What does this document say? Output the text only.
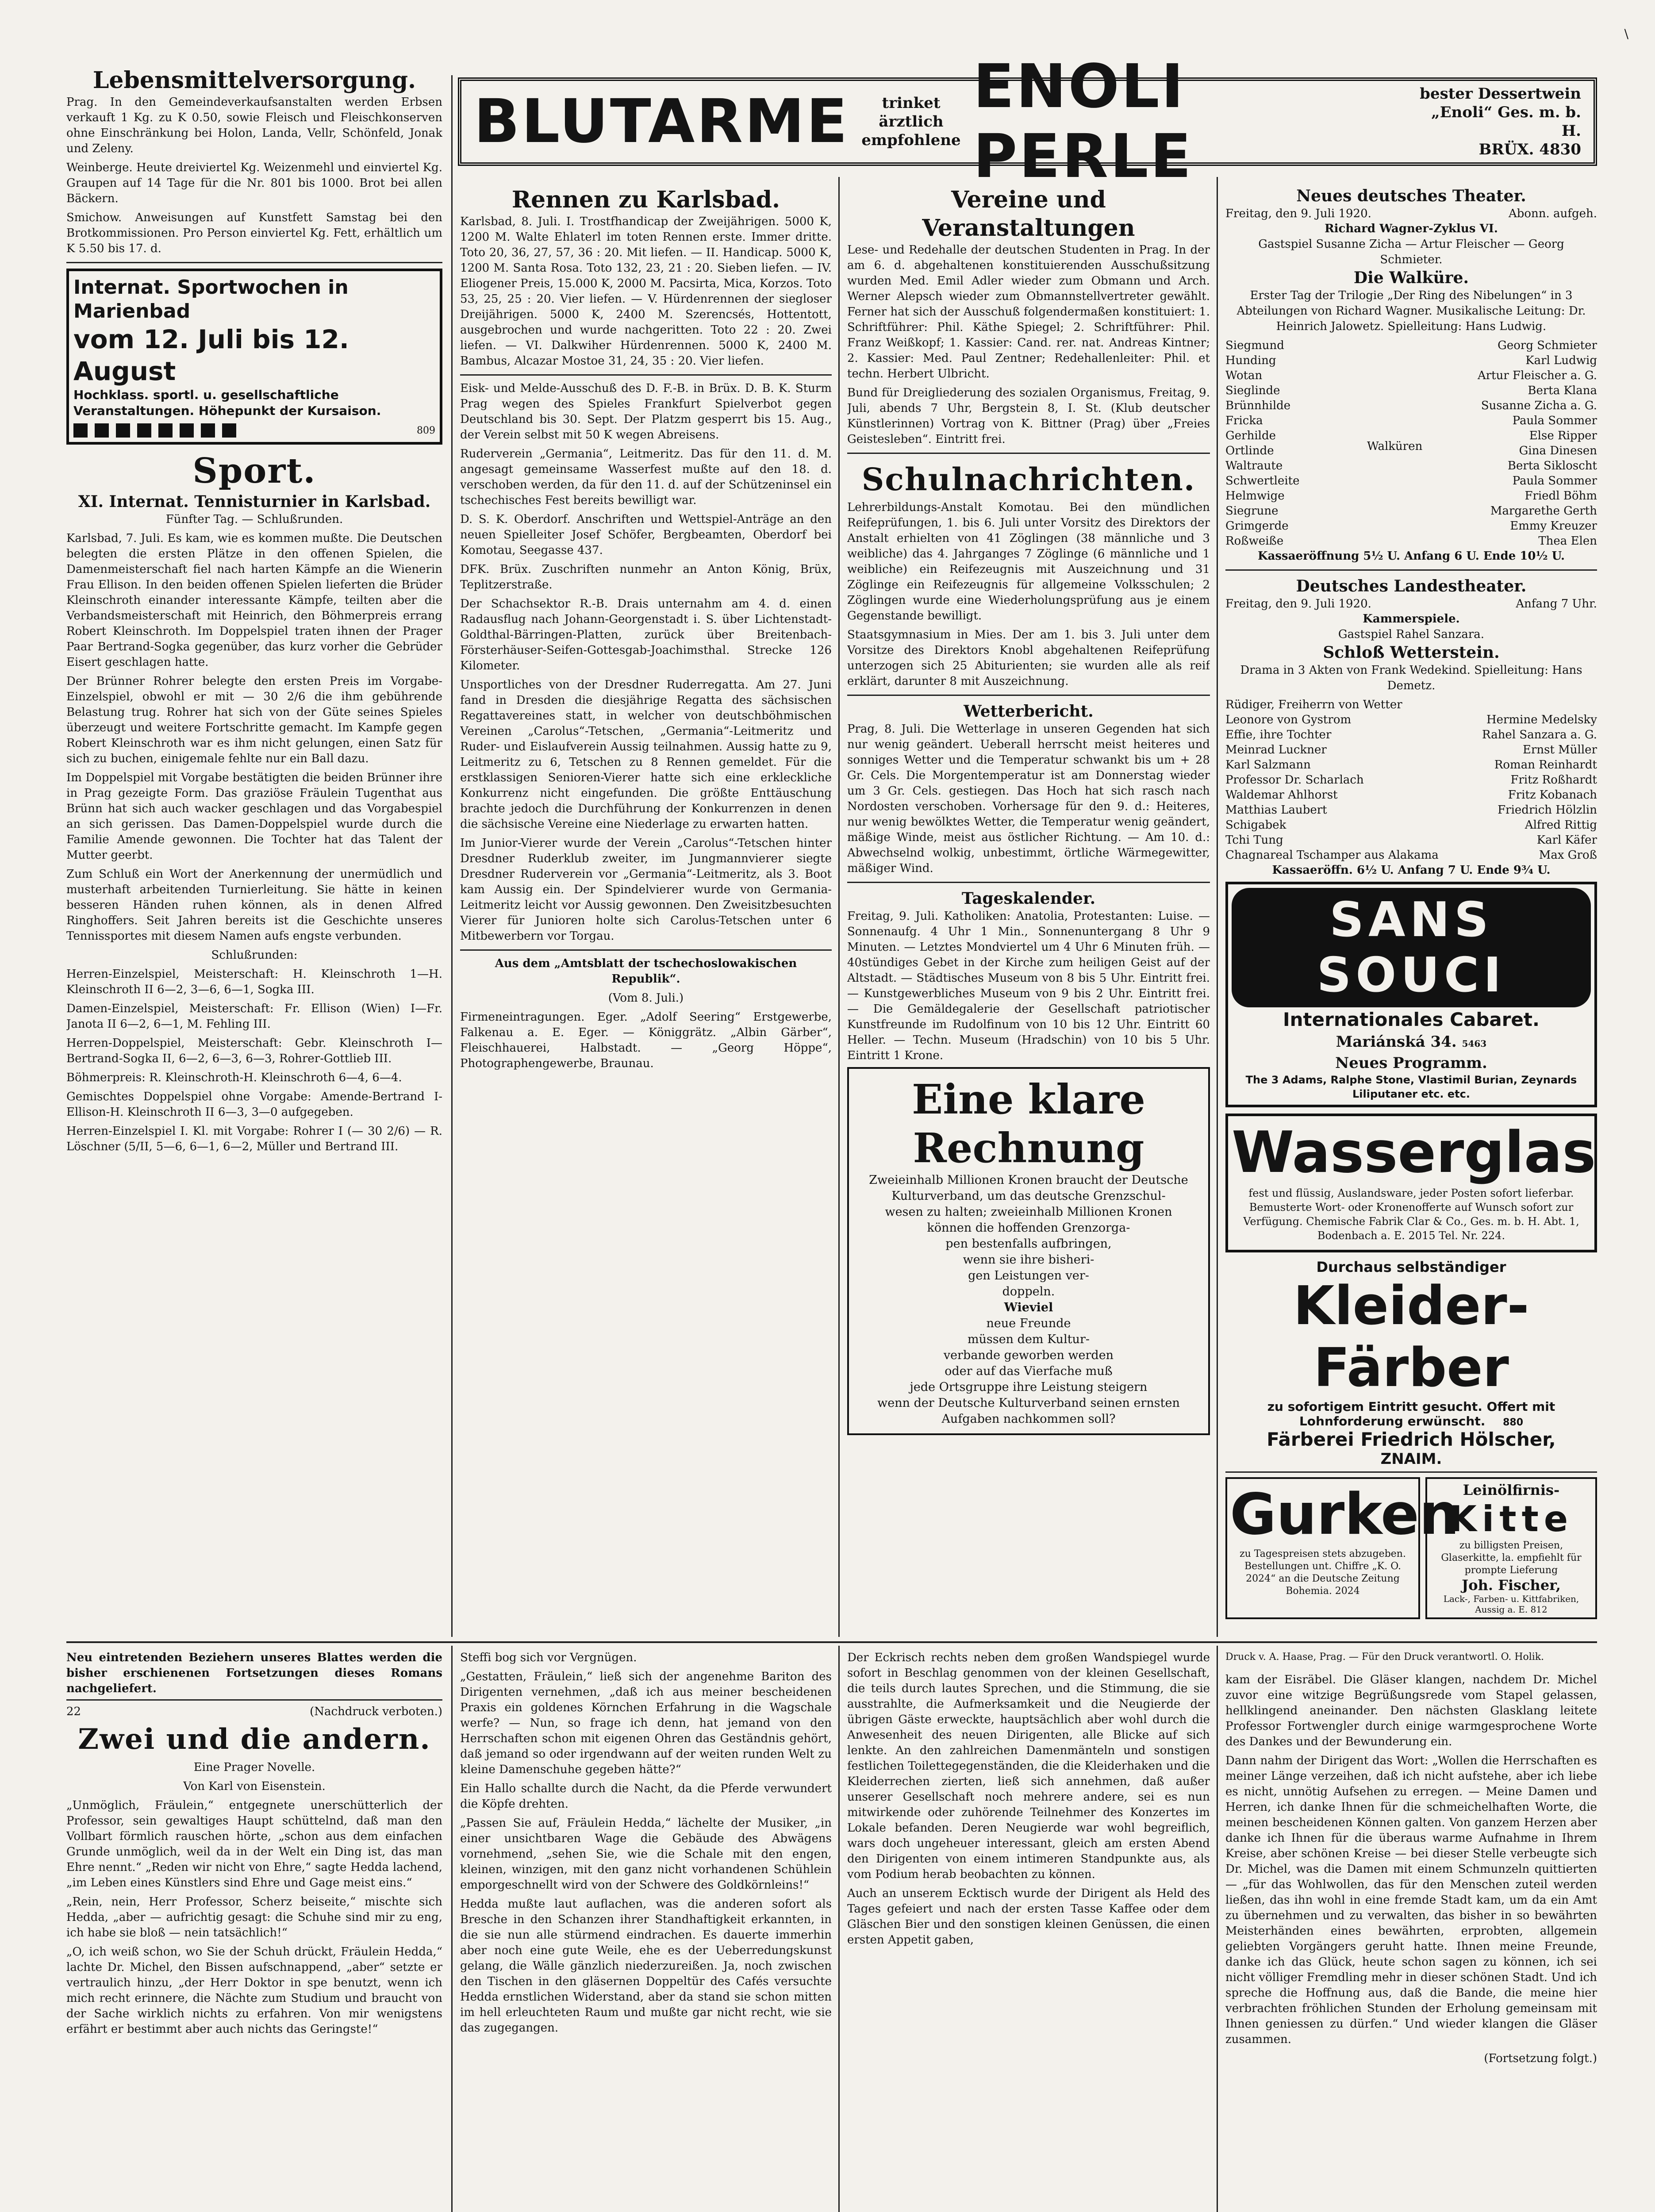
\
BLUTARME	trinket ärztlich
empfohlene
ENOLI PERLE
bester Dessertwein
„Enoli“ Ges. m. b. H.
BRÜX. 4830
Lebensmittelversorgung.

Prag. In den Gemeindeverkaufsanstalten werden Erbsen verkauft 1 Kg. zu K 0.50, sowie Fleisch und Fleischkonserven ohne Einschränkung bei Holon, Landa, Vellr, Schönfeld, Jonak und Zeleny.

Weinberge. Heute dreiviertel Kg. Weizenmehl und einviertel Kg. Graupen auf 14 Tage für die Nr. 801 bis 1000. Brot bei allen Bäckern.

Smichow. Anweisungen auf Kunstfett Samstag bei den Brotkommissionen. Pro Person einviertel Kg. Fett, erhältlich um K 5.50 bis 17. d.

Internat. Sportwochen in Marienbad
vom 12. Juli bis 12. August
Hochklass. sportl. u. gesellschaftliche Veranstaltungen. Höhepunkt der Kursaison.
809
Sport.
XI. Internat. Tennisturnier in Karlsbad.

Fünfter Tag. — Schlußrunden.

Karlsbad, 7. Juli. Es kam, wie es kommen mußte. Die Deutschen belegten die ersten Plätze in den offenen Spielen, die Damenmeisterschaft fiel nach harten Kämpfe an die Wienerin Frau Ellison. In den beiden offenen Spielen lieferten die Brüder Kleinschroth einander interessante Kämpfe, teilten aber die Verbandsmeisterschaft mit Heinrich, den Böhmerpreis errang Robert Kleinschroth. Im Doppelspiel traten ihnen der Prager Paar Bertrand-Sogka gegenüber, das kurz vorher die Gebrüder Eisert geschlagen hatte.

Der Brünner Rohrer belegte den ersten Preis im Vorgabe-Einzelspiel, obwohl er mit — 30 2/6 die ihm gebührende Belastung trug. Rohrer hat sich von der Güte seines Spieles überzeugt und weitere Fortschritte gemacht. Im Kampfe gegen Robert Kleinschroth war es ihm nicht gelungen, einen Satz für sich zu buchen, einigemale fehlte nur ein Ball dazu.

Im Doppelspiel mit Vorgabe bestätigten die beiden Brünner ihre in Prag gezeigte Form. Das graziöse Fräulein Tugenthat aus Brünn hat sich auch wacker geschlagen und das Vorgabespiel an sich gerissen. Das Damen-Doppelspiel wurde durch die Familie Amende gewonnen. Die Tochter hat das Talent der Mutter geerbt.

Zum Schluß ein Wort der Anerkennung der unermüdlich und musterhaft arbeitenden Turnierleitung. Sie hätte in keinen besseren Händen ruhen können, als in denen Alfred Ringhoffers. Seit Jahren bereits ist die Geschichte unseres Tennissportes mit diesem Namen aufs engste verbunden.

Schlußrunden:

Herren-Einzelspiel, Meisterschaft: H. Kleinschroth 1—H. Kleinschroth II 6—2, 3—6, 6—1, Sogka III.

Damen-Einzelspiel, Meisterschaft: Fr. Ellison (Wien) I—Fr. Janota II 6—2, 6—1, M. Fehling III.

Herren-Doppelspiel, Meisterschaft: Gebr. Kleinschroth I—Bertrand-Sogka II, 6—2, 6—3, 6—3, Rohrer-Gottlieb III.

Böhmerpreis: R. Kleinschroth-H. Kleinschroth 6—4, 6—4.

Gemischtes Doppelspiel ohne Vorgabe: Amende-Bertrand I-Ellison-H. Kleinschroth II 6—3, 3—0 aufgegeben.

Herren-Einzelspiel I. Kl. mit Vorgabe: Rohrer I (— 30 2/6) — R. Löschner (5/II, 5—6, 6—1, 6—2, Müller und Bertrand III.

Rennen zu Karlsbad.

Karlsbad, 8. Juli. I. Trostfhandicap der Zweijährigen. 5000 K, 1200 M. Walte Ehlaterl im toten Rennen erste. Immer dritte. Toto 20, 36, 27, 57, 36 : 20. Mit liefen. — II. Handicap. 5000 K, 1200 M. Santa Rosa. Toto 132, 23, 21 : 20. Sieben liefen. — IV. Eliogener Preis, 15.000 K, 2000 M. Pacsirta, Mica, Korzos. Toto 53, 25, 25 : 20. Vier liefen. — V. Hürdenrennen der siegloser Dreijährigen. 5000 K, 2400 M. Szerencsés, Hottentott, ausgebrochen und wurde nachgeritten. Toto 22 : 20. Zwei liefen. — VI. Dalkwiher Hürdenrennen. 5000 K, 2400 M. Bambus, Alcazar Mostoe 31, 24, 35 : 20. Vier liefen.

Eisk- und Melde-Ausschuß des D. F.-B. in Brüx. D. B. K. Sturm Prag wegen des Spieles Frankfurt Spielverbot gegen Deutschland bis 30. Sept. Der Platzm gesperrt bis 15. Aug., der Verein selbst mit 50 K wegen Abreisens.

Ruderverein „Germania“, Leitmeritz. Das für den 11. d. M. angesagt gemeinsame Wasserfest mußte auf den 18. d. verschoben werden, da für den 11. d. auf der Schützeninsel ein tschechisches Fest bereits bewilligt war.

D. S. K. Oberdorf. Anschriften und Wettspiel-Anträge an den neuen Spielleiter Josef Schöfer, Bergbeamten, Oberdorf bei Komotau, Seegasse 437.

DFK. Brüx. Zuschriften nunmehr an Anton König, Brüx, Teplitzerstraße.

Der Schachsektor R.-B. Drais unternahm am 4. d. einen Radausflug nach Johann-Georgenstadt i. S. über Lichtenstadt-Goldthal-Bärringen-Platten, zurück über Breitenbach-Försterhäuser-Seifen-Gottesgab-Joachimsthal. Strecke 126 Kilometer.

Unsportliches von der Dresdner Ruderregatta. Am 27. Juni fand in Dresden die diesjährige Regatta des sächsischen Regattavereines statt, in welcher von deutschböhmischen Vereinen „Carolus“-Tetschen, „Germania“-Leitmeritz und Ruder- und Eislaufverein Aussig teilnahmen. Aussig hatte zu 9, Leitmeritz zu 6, Tetschen zu 8 Rennen gemeldet. Für die erstklassigen Senioren-Vierer hatte sich eine erkleckliche Konkurrenz nicht eingefunden. Die größte Enttäuschung brachte jedoch die Durchführung der Konkurrenzen in denen die sächsische Vereine eine Niederlage zu erwarten hatten.

Im Junior-Vierer wurde der Verein „Carolus“-Tetschen hinter Dresdner Ruderklub zweiter, im Jungmannvierer siegte Dresdner Ruderverein vor „Germania“-Leitmeritz, als 3. Boot kam Aussig ein. Der Spindelvierer wurde von Germania-Leitmeritz leicht vor Aussig gewonnen. Den Zweisitzbesuchten Vierer für Junioren holte sich Carolus-Tetschen unter 6 Mitbewerbern vor Torgau.

Aus dem „Amtsblatt der tschechoslowakischen Republik“.

(Vom 8. Juli.)

Firmeneintragungen. Eger. „Adolf Seering“ Erstgewerbe, Falkenau a. E. Eger. — Königgrätz. „Albin Gärber“, Fleischhauerei, Halbstadt. — „Georg Höppe“, Photographengewerbe, Braunau.

Vereine und Veranstaltungen

Lese- und Redehalle der deutschen Studenten in Prag. In der am 6. d. abgehaltenen konstituierenden Ausschußsitzung wurden Med. Emil Adler wieder zum Obmann und Arch. Werner Alepsch wieder zum Obmannstellvertreter gewählt. Ferner hat sich der Ausschuß folgendermaßen konstituiert: 1. Schriftführer: Phil. Käthe Spiegel; 2. Schriftführer: Phil. Franz Weißkopf; 1. Kassier: Cand. rer. nat. Andreas Kintner; 2. Kassier: Med. Paul Zentner; Redehallenleiter: Phil. et techn. Herbert Ulbricht.

Bund für Dreigliederung des sozialen Organismus, Freitag, 9. Juli, abends 7 Uhr, Bergstein 8, I. St. (Klub deutscher Künstlerinnen) Vortrag von K. Bittner (Prag) über „Freies Geistesleben“. Eintritt frei.

Schulnachrichten.

Lehrerbildungs-Anstalt Komotau. Bei den mündlichen Reifeprüfungen, 1. bis 6. Juli unter Vorsitz des Direktors der Anstalt erhielten von 41 Zöglingen (38 männliche und 3 weibliche) das 4. Jahrganges 7 Zöglinge (6 männliche und 1 weibliche) ein Reifezeugnis mit Auszeichnung und 31 Zöglinge ein Reifezeugnis für allgemeine Volksschulen; 2 Zöglingen wurde eine Wiederholungsprüfung aus je einem Gegenstande bewilligt.

Staatsgymnasium in Mies. Der am 1. bis 3. Juli unter dem Vorsitze des Direktors Knobl abgehaltenen Reifeprüfung unterzogen sich 25 Abiturienten; sie wurden alle als reif erklärt, darunter 8 mit Auszeichnung.

Wetterbericht.

Prag, 8. Juli. Die Wetterlage in unseren Gegenden hat sich nur wenig geändert. Ueberall herrscht meist heiteres und sonniges Wetter und die Temperatur schwankt bis um + 28 Gr. Cels. Die Morgentemperatur ist am Donnerstag wieder um 3 Gr. Cels. gestiegen. Das Hoch hat sich rasch nach Nordosten verschoben. Vorhersage für den 9. d.: Heiteres, nur wenig bewölktes Wetter, die Temperatur wenig geändert, mäßige Winde, meist aus östlicher Richtung. — Am 10. d.: Abwechselnd wolkig, unbestimmt, örtliche Wärmegewitter, mäßiger Wind.

Tageskalender.

Freitag, 9. Juli. Katholiken: Anatolia, Protestanten: Luise. — Sonnenaufg. 4 Uhr 1 Min., Sonnenuntergang 8 Uhr 9 Minuten. — Letztes Mondviertel um 4 Uhr 6 Minuten früh. — 40stündiges Gebet in der Kirche zum heiligen Geist auf der Altstadt. — Städtisches Museum von 8 bis 5 Uhr. Eintritt frei. — Kunstgewerbliches Museum von 9 bis 2 Uhr. Eintritt frei. — Die Gemäldegalerie der Gesellschaft patriotischer Kunstfreunde im Rudolfinum von 10 bis 12 Uhr. Eintritt 60 Heller. — Techn. Museum (Hradschin) von 10 bis 5 Uhr. Eintritt 1 Krone.

Eine klare Rechnung
Zweieinhalb Millionen Kronen braucht der Deutsche
Kulturverband, um das deutsche Grenzschul-
wesen zu halten; zweieinhalb Millionen Kronen
können die hoffenden Grenzorga-
pen bestenfalls aufbringen,
wenn sie ihre bisheri-
gen Leistungen ver-
doppeln.
Wieviel
neue Freunde
müssen dem Kultur-
verbande geworben werden
oder auf das Vierfache muß
jede Ortsgruppe ihre Leistung steigern
wenn der Deutsche Kulturverband seinen ernsten
Aufgaben nachkommen soll?
Neues deutsches Theater.
Freitag, den 9. Juli 1920.	Abonn. aufgeh.

Richard Wagner-Zyklus VI.

Gastspiel Susanne Zicha — Artur Fleischer — Georg Schmieter.

Die Walküre.

Erster Tag der Trilogie „Der Ring des Nibelungen“ in 3 Abteilungen von Richard Wagner. Musikalische Leitung: Dr. Heinrich Jalowetz. Spielleitung: Hans Ludwig.

Siegmund	Georg Schmieter
Hunding	Karl Ludwig
Wotan	Artur Fleischer a. G.
Sieglinde	Berta Klana
Brünnhilde	Susanne Zicha a. G.
Fricka	Paula Sommer
Gerhilde	Else Ripper
Ortlinde	Gina Dinesen
Waltraute	Berta Sikloscht
Schwertleite	Paula Sommer
Helmwige	Friedl Böhm
Siegrune	Margarethe Gerth
Grimgerde	Emmy Kreuzer
Roßweiße	Thea Elen
Walküren

Kassaeröffnung 5½ U. Anfang 6 U. Ende 10½ U.

Deutsches Landestheater.
Freitag, den 9. Juli 1920.	Anfang 7 Uhr.

Kammerspiele.

Gastspiel Rahel Sanzara.

Schloß Wetterstein.

Drama in 3 Akten von Frank Wedekind. Spielleitung: Hans Demetz.

Rüdiger, Freiherrn von Wetter
Leonore von Gystrom	Hermine Medelsky
Effie, ihre Tochter	Rahel Sanzara a. G.
Meinrad Luckner	Ernst Müller
Karl Salzmann	Roman Reinhardt
Professor Dr. Scharlach	Fritz Roßhardt
Waldemar Ahlhorst	Fritz Kobanach
Matthias Laubert	Friedrich Hölzlin
Schigabek	Alfred Rittig
Tchi Tung	Karl Käfer
Chagnareal Tschamper aus Alakama	Max Groß

Kassaeröffn. 6½ U. Anfang 7 U. Ende 9¾ U.

SANS SOUCI
Internationales Cabaret.
Mariánská 34. 5463
Neues Programm.
The 3 Adams, Ralphe Stone, Vlastimil Burian, Zeynards Liliputaner etc. etc.
Wasserglas
fest und flüssig, Auslandsware, jeder Posten sofort lieferbar. Bemusterte Wort- oder Kronenofferte auf Wunsch sofort zur Verfügung. Chemische Fabrik Clar & Co., Ges. m. b. H. Abt. 1, Bodenbach a. E. 2015 Tel. Nr. 224.
Durchaus selbständiger
Kleider-Färber
zu sofortigem Eintritt gesucht. Offert mit
Lohnforderung erwünscht. 880
Färberei Friedrich Hölscher,
ZNAIM.
Gurken
zu Tagespreisen stets abzugeben. Bestellungen unt. Chiffre „K. O. 2024“ an die Deutsche Zeitung Bohemia. 2024
Leinölfirnis-
Kitte
zu billigsten Preisen, Glaserkitte, la. empfiehlt für prompte Lieferung
Joh. Fischer,
Lack-, Farben- u. Kittfabriken, Aussig a. E. 812
Druck v. A. Haase, Prag. — Für den Druck verantwortl. O. Holik.

Neu eintretenden Beziehern unseres Blattes werden die bisher erschienenen Fortsetzungen dieses Romans nachgeliefert.

22	(Nachdruck verboten.)
Zwei und die andern.

Eine Prager Novelle.

Von Karl von Eisenstein.

„Unmöglich, Fräulein,“ entgegnete unerschütterlich der Professor, sein gewaltiges Haupt schüttelnd, daß man den Vollbart förmlich rauschen hörte, „schon aus dem einfachen Grunde unmöglich, weil da in der Welt ein Ding ist, das man Ehre nennt.“ „Reden wir nicht von Ehre,“ sagte Hedda lachend, „im Leben eines Künstlers sind Ehre und Gage meist eins.“

„Rein, nein, Herr Professor, Scherz beiseite,“ mischte sich Hedda, „aber — aufrichtig gesagt: die Schuhe sind mir zu eng, ich habe sie bloß — nein tatsächlich!“

„O, ich weiß schon, wo Sie der Schuh drückt, Fräulein Hedda,“ lachte Dr. Michel, den Bissen aufschnappend, „aber“ setzte er vertraulich hinzu, „der Herr Doktor in spe benutzt, wenn ich mich recht erinnere, die Nächte zum Studium und braucht von der Sache wirklich nichts zu erfahren. Von mir wenigstens erfährt er bestimmt aber auch nichts das Geringste!“

Steffi bog sich vor Vergnügen.

„Gestatten, Fräulein,“ ließ sich der angenehme Bariton des Dirigenten vernehmen, „daß ich aus meiner bescheidenen Praxis ein goldenes Körnchen Erfahrung in die Wagschale werfe? — Nun, so frage ich denn, hat jemand von den Herrschaften schon mit eigenen Ohren das Geständnis gehört, daß jemand so oder irgendwann auf der weiten runden Welt zu kleine Damenschuhe gegeben hätte?“

Ein Hallo schallte durch die Nacht, da die Pferde verwundert die Köpfe drehten.

„Passen Sie auf, Fräulein Hedda,“ lächelte der Musiker, „in einer unsichtbaren Wage die Gebäude des Abwägens vornehmend, „sehen Sie, wie die Schale mit den engen, kleinen, winzigen, mit den ganz nicht vorhandenen Schühlein emporgeschnellt wird von der Schwere des Goldkörnleins!“

Hedda mußte laut auflachen, was die anderen sofort als Bresche in den Schanzen ihrer Standhaftigkeit erkannten, in die sie nun alle stürmend eindrachen. Es dauerte immerhin aber noch eine gute Weile, ehe es der Ueberredungskunst gelang, die Wälle gänzlich niederzureißen. Ja, noch zwischen den Tischen in den gläsernen Doppeltür des Cafés versuchte Hedda ernstlichen Widerstand, aber da stand sie schon mitten im hell erleuchteten Raum und mußte gar nicht recht, wie sie das zugegangen.

Der Eckrisch rechts neben dem großen Wandspiegel wurde sofort in Beschlag genommen von der kleinen Gesellschaft, die teils durch lautes Sprechen, und die Stimmung, die sie ausstrahlte, die Aufmerksamkeit und die Neugierde der übrigen Gäste erweckte, hauptsächlich aber wohl durch die Anwesenheit des neuen Dirigenten, alle Blicke auf sich lenkte. An den zahlreichen Damenmänteln und sonstigen festlichen Toilettegegenständen, die die Kleiderhaken und die Kleiderrechen zierten, ließ sich annehmen, daß außer unserer Gesellschaft noch mehrere andere, sei es nun mitwirkende oder zuhörende Teilnehmer des Konzertes im Lokale befanden. Deren Neugierde war wohl begreiflich, wars doch ungeheuer interessant, gleich am ersten Abend den Dirigenten von einem intimeren Standpunkte aus, als vom Podium herab beobachten zu können.

Auch an unserem Ecktisch wurde der Dirigent als Held des Tages gefeiert und nach der ersten Tasse Kaffee oder dem Gläschen Bier und den sonstigen kleinen Genüssen, die einen ersten Appetit gaben,

kam der Eisräbel. Die Gläser klangen, nachdem Dr. Michel zuvor eine witzige Begrüßungsrede vom Stapel gelassen, hellklingend aneinander. Den nächsten Glasklang leitete Professor Fortwengler durch einige warmgesprochene Worte des Dankes und der Bewunderung ein.

Dann nahm der Dirigent das Wort: „Wollen die Herrschaften es meiner Länge verzeihen, daß ich nicht aufstehe, aber ich liebe es nicht, unnötig Aufsehen zu erregen. — Meine Damen und Herren, ich danke Ihnen für die schmeichelhaften Worte, die meinen bescheidenen Können galten. Von ganzem Herzen aber danke ich Ihnen für die überaus warme Aufnahme in Ihrem Kreise, aber schönen Kreise — bei dieser Stelle verbeugte sich Dr. Michel, was die Damen mit einem Schmunzeln quittierten — „für das Wohlwollen, das für den Menschen zuteil werden ließen, das ihn wohl in eine fremde Stadt kam, um da ein Amt zu übernehmen und zu verwalten, das bisher in so bewährten Meisterhänden eines bewährten, erprobten, allgemein geliebten Vorgängers geruht hatte. Ihnen meine Freunde, danke ich das Glück, heute schon sagen zu können, ich sei nicht völliger Fremdling mehr in dieser schönen Stadt. Und ich spreche die Hoffnung aus, daß die Bande, die meine hier verbrachten fröhlichen Stunden der Erholung gemeinsam mit Ihnen geniessen zu dürfen.“ Und wieder klangen die Gläser zusammen.

(Fortsetzung folgt.)
